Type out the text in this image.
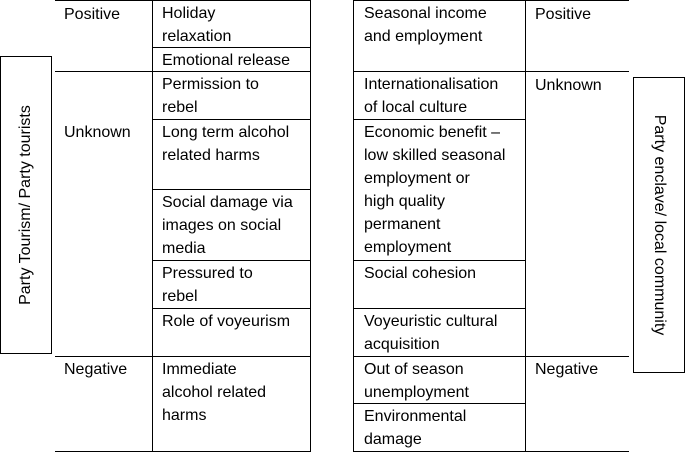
Party Tourism/ Party tourists	Party enclave/ local community
Positive
Unknown
Negative
Holiday
relaxation
Emotional release
Permission to
rebel
Long term alcohol
related harms
Social damage via
images on social
media
Pressured to
rebel
Role of voyeurism
Immediate
alcohol related
harms
Seasonal income
and employment
Internationalisation
of local culture
Economic benefit –
low skilled seasonal
employment or
high quality
permanent
employment
Social cohesion
Voyeuristic cultural
acquisition
Out of season
unemployment
Environmental
damage
Positive
Unknown
Negative
